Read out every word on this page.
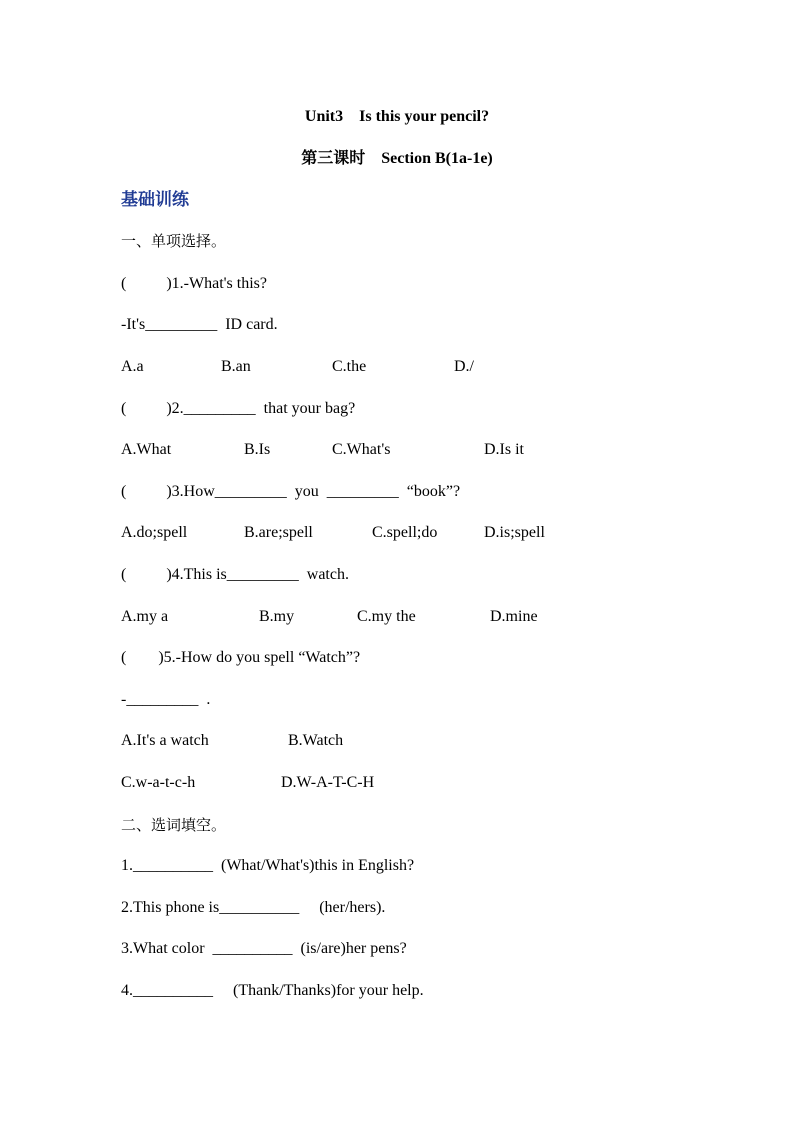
Unit3    Is this your pencil?
第三课时    Section B(1a-1e)
基础训练
一、单项选择。
(          )1.-What's this?
-It's_________  ID card.
A.a	B.an	C.the	D./
(          )2._________  that your bag?
A.What	B.Is	C.What's	D.Is it
(          )3.How_________  you  _________  “book”?
A.do;spell	B.are;spell	C.spell;do	D.is;spell
(          )4.This is_________  watch.
A.my a	B.my	C.my the	D.mine
(        )5.-How do you spell “Watch”?
-_________  .
A.It's a watch	B.Watch
C.w-a-t-c-h	D.W-A-T-C-H
二、选词填空。
1.__________  (What/What's)this in English?
2.This phone is__________     (her/hers).
3.What color  __________  (is/are)her pens?
4.__________     (Thank/Thanks)for your help.
